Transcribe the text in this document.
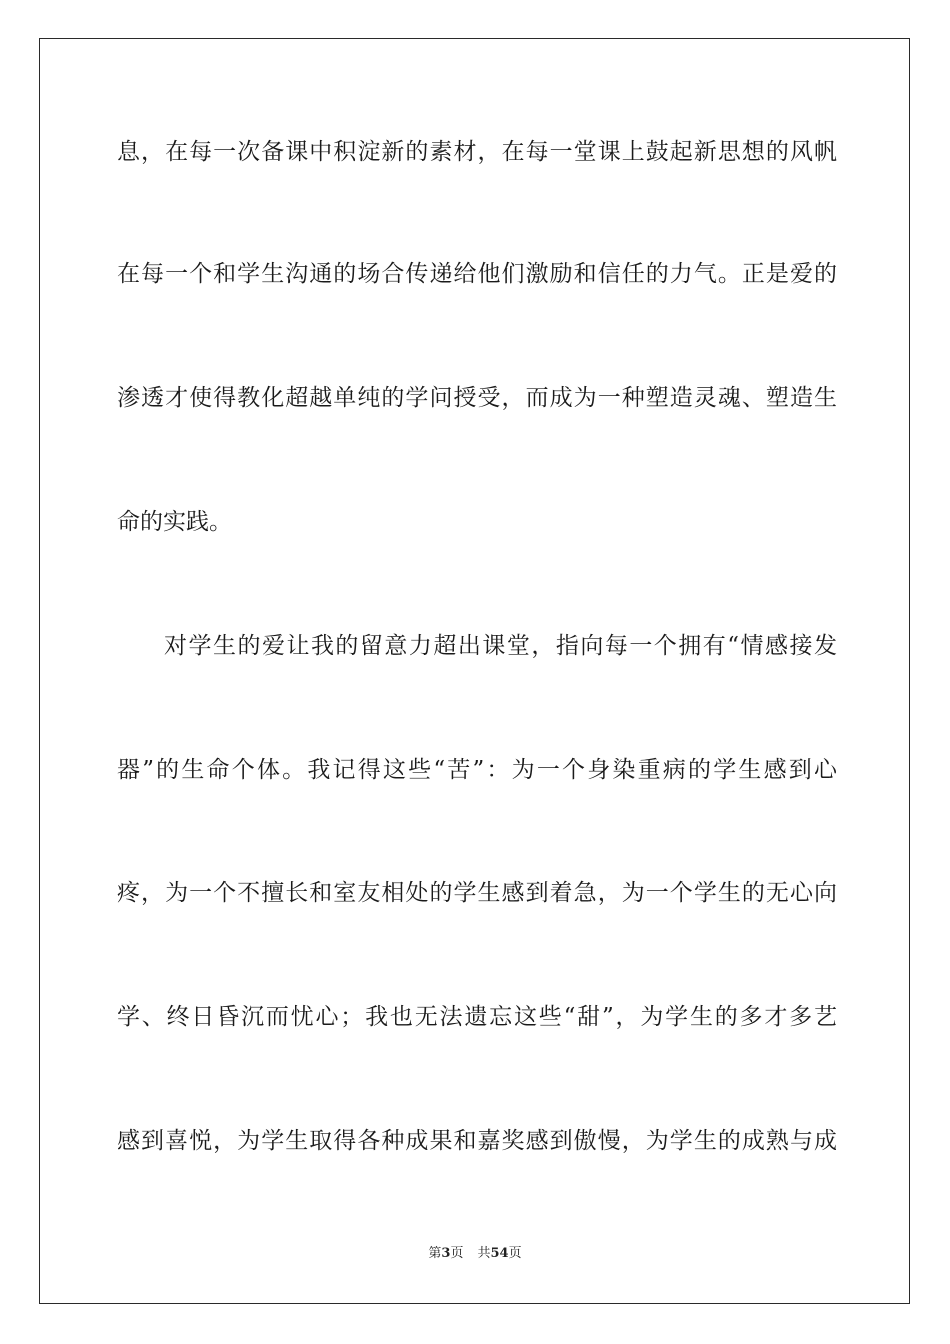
息，在每一次备课中积淀新的素材，在每一堂课上鼓起新思想的风帆
在每一个和学生沟通的场合传递给他们激励和信任的力气。正是爱的
渗透才使得教化超越单纯的学问授受，而成为一种塑造灵魂、塑造生
命的实践。
对学生的爱让我的留意力超出课堂，指向每一个拥有“情感接发
器”的生命个体。我记得这些“苦”：为一个身染重病的学生感到心
疼，为一个不擅长和室友相处的学生感到着急，为一个学生的无心向
学、终日昏沉而忧心；我也无法遗忘这些“甜”，为学生的多才多艺
感到喜悦，为学生取得各种成果和嘉奖感到傲慢，为学生的成熟与成
第3页 共54页
